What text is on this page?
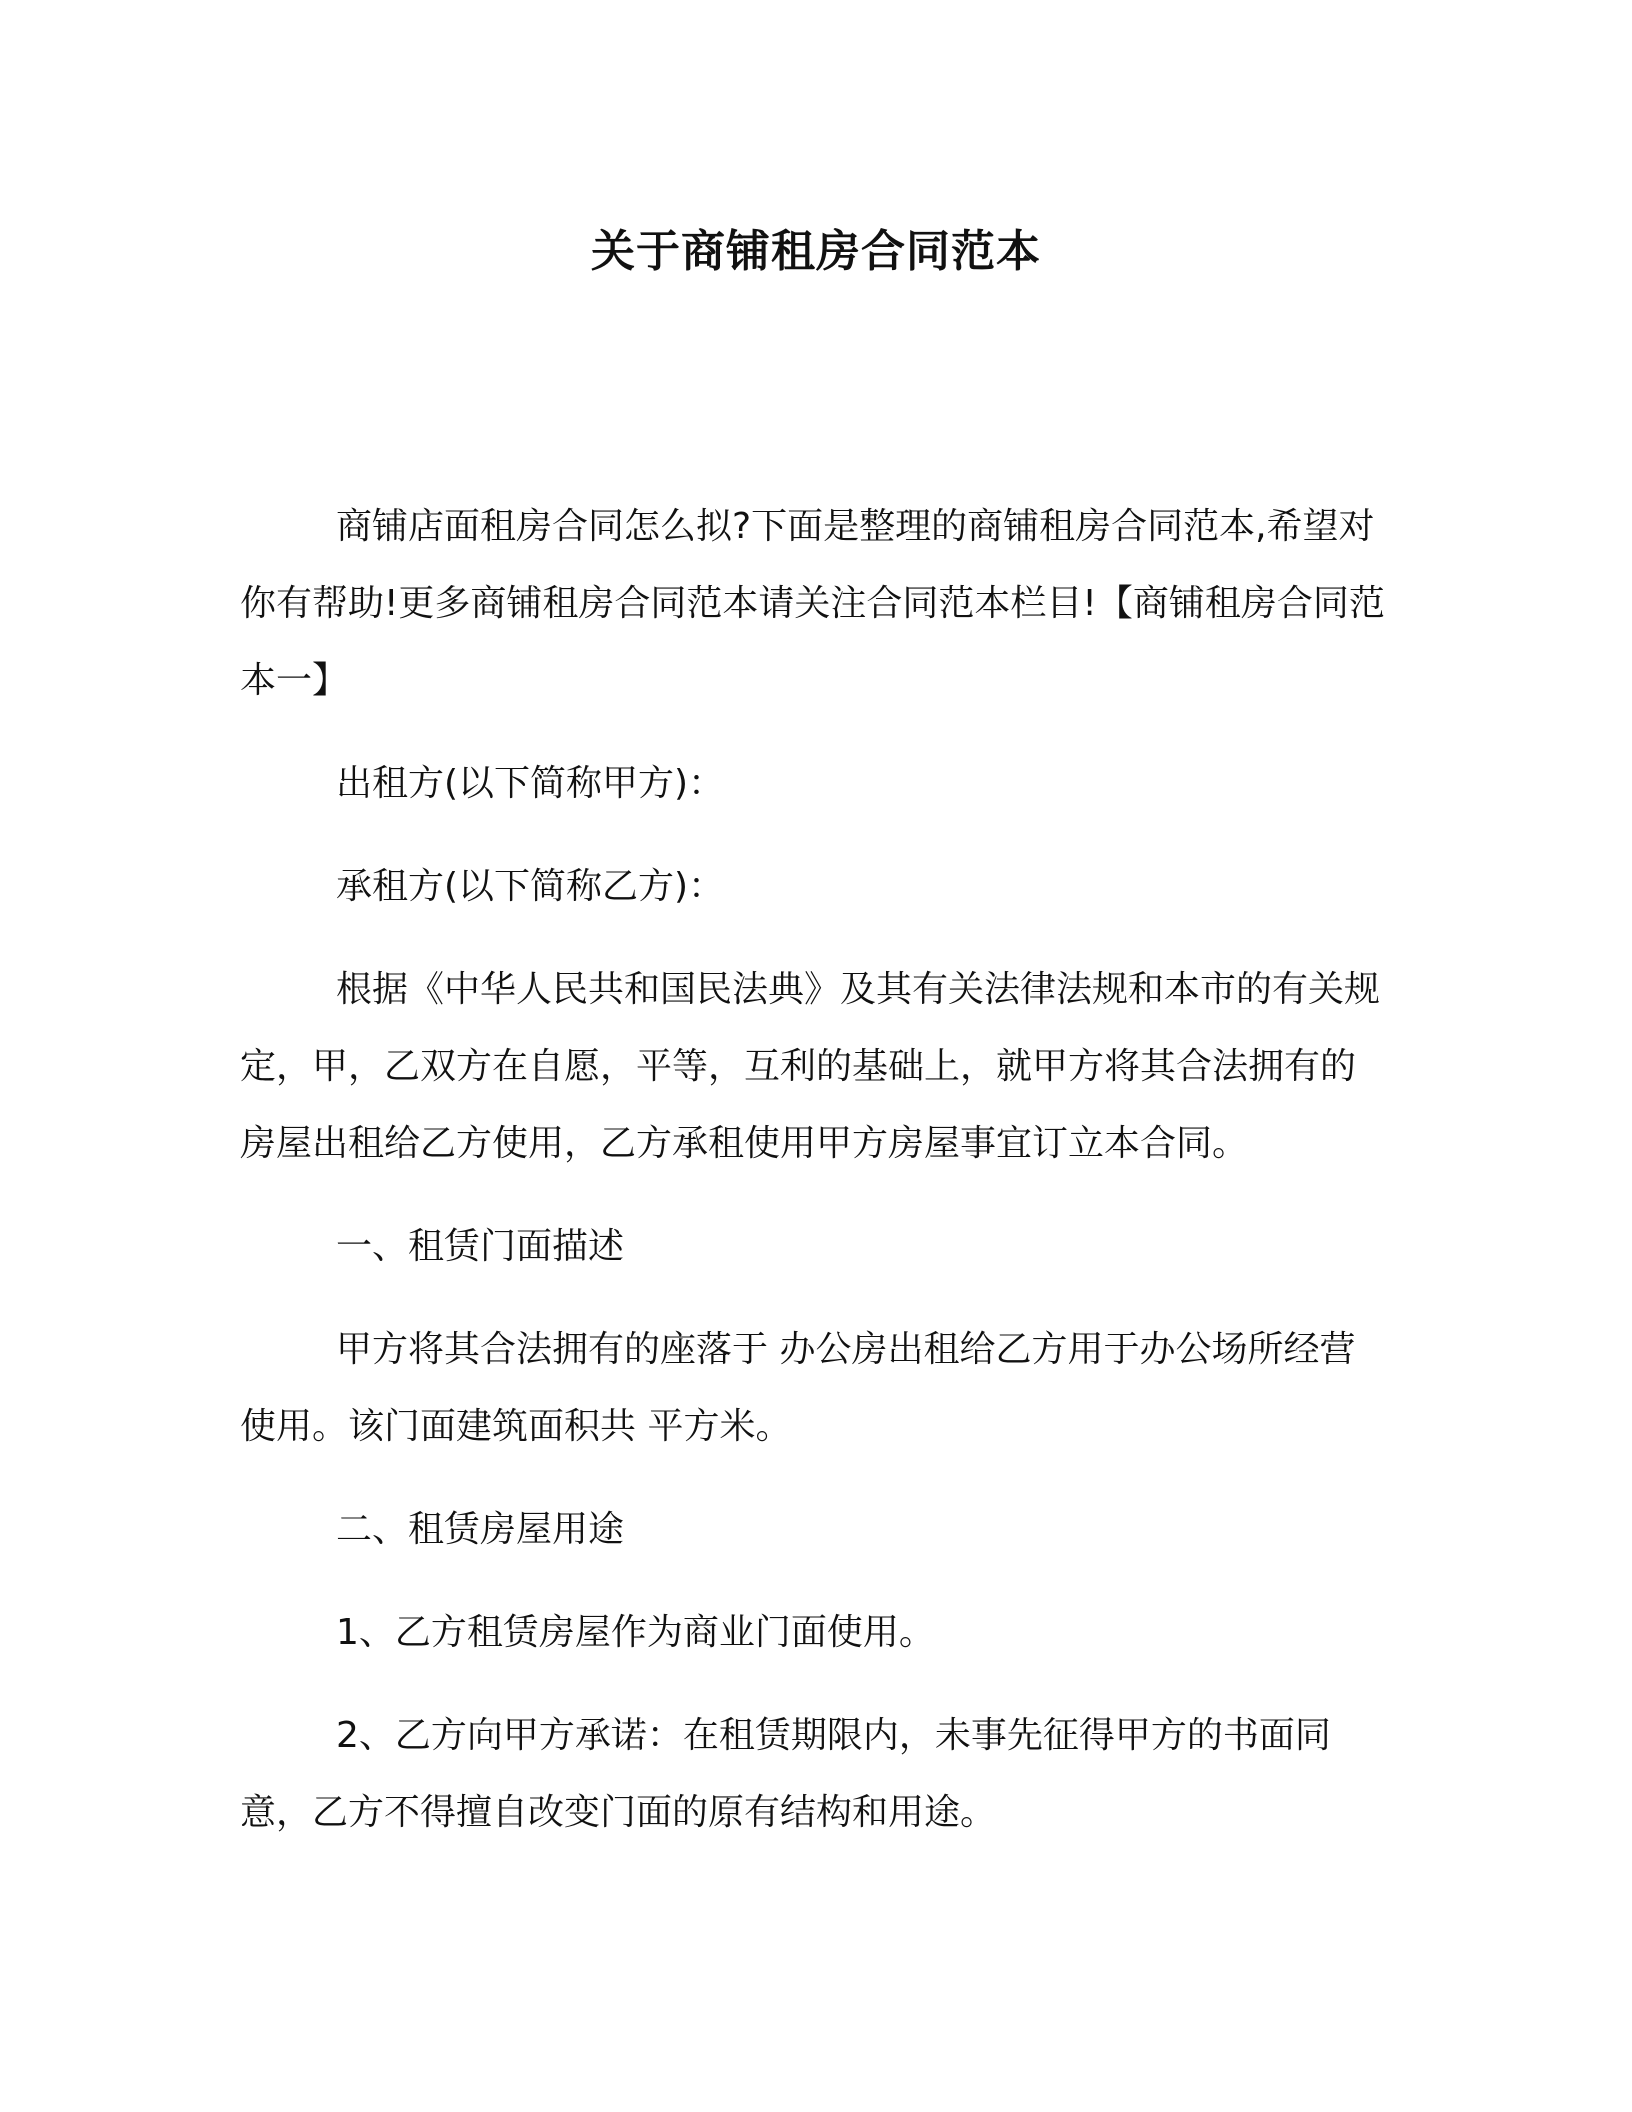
关于商铺租房合同范本

商铺店面租房合同怎么拟?下面是整理的商铺租房合同范本,希望对你有帮助!更多商铺租房合同范本请关注合同范本栏目!【商铺租房合同范本一】

出租方(以下简称甲方)：

承租方(以下简称乙方)：

根据《中华人民共和国民法典》及其有关法律法规和本市的有关规定，甲，乙双方在自愿，平等，互利的基础上，就甲方将其合法拥有的房屋出租给乙方使用，乙方承租使用甲方房屋事宜订立本合同。

一、租赁门面描述

甲方将其合法拥有的座落于 办公房出租给乙方用于办公场所经营使用。该门面建筑面积共 平方米。

二、租赁房屋用途

1、乙方租赁房屋作为商业门面使用。

2、乙方向甲方承诺：在租赁期限内，未事先征得甲方的书面同意，乙方不得擅自改变门面的原有结构和用途。
